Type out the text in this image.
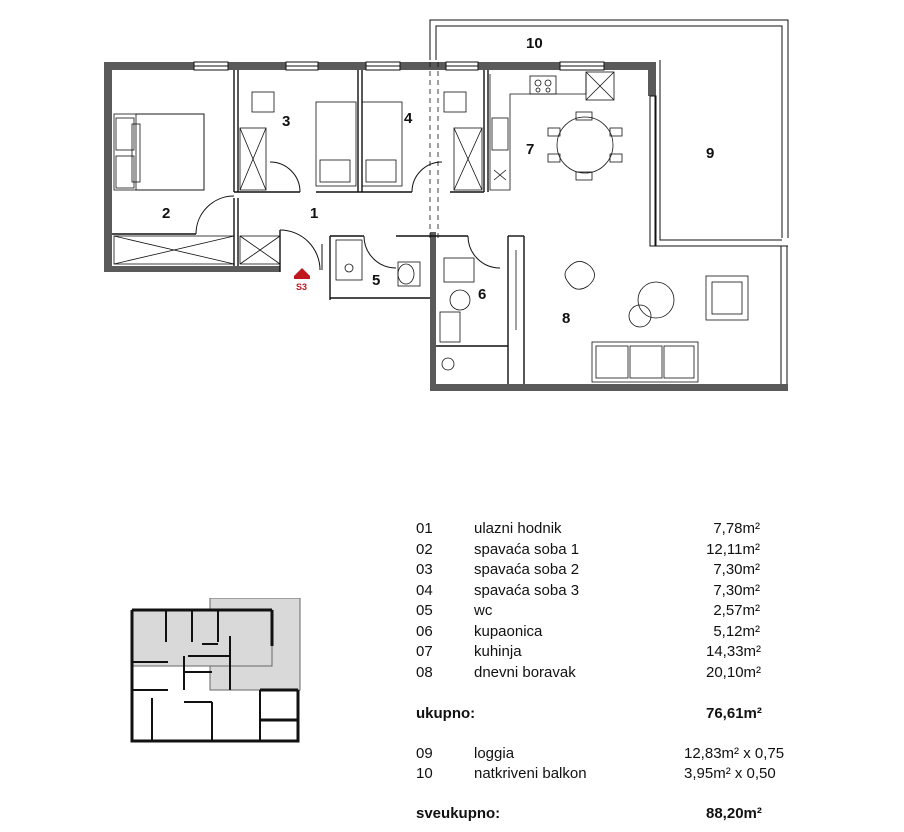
S3
1
2
3	4
5
6
7
8
9
10
01	ulazni hodnik	7,78m²
02	spavaća soba 1	12,11m²
03	spavaća soba 2	7,30m²
04	spavaća soba 3	7,30m²
05	wc	2,57m²
06	kupaonica	5,12m²
07	kuhinja	14,33m²
08	dnevni boravak	20,10m²
ukupno:	76,61m²
09	loggia	12,83m² x 0,75
10	natkriveni balkon	3,95m² x 0,50
sveukupno:	88,20m²
